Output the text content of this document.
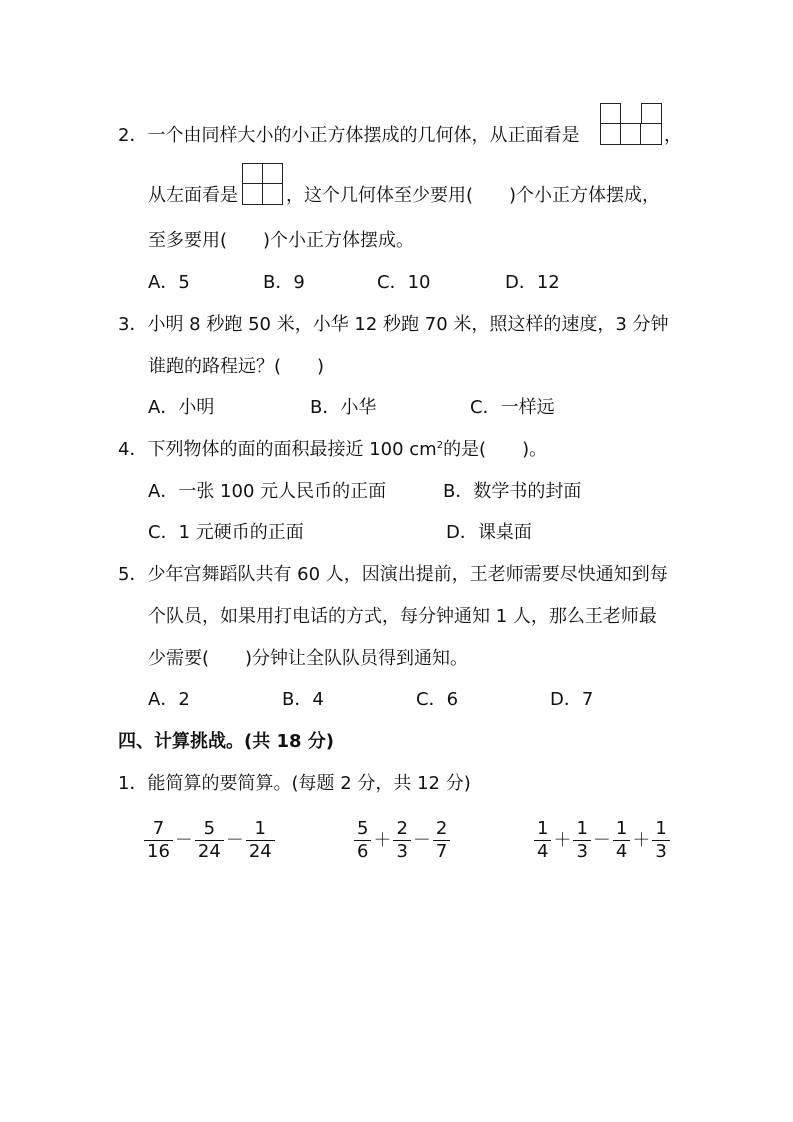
2．一个由同样大小的小正方体摆成的几何体，从正面看是	，
从左面看是	，这个几何体至少要用(　　)个小正方体摆成，
至多要用(　　)个小正方体摆成。
A．5	B．9	C．10	D．12
3．小明 8 秒跑 50 米，小华 12 秒跑 70 米，照这样的速度，3 分钟
谁跑的路程远？(　　)
A．小明	B．小华	C．一样远
4．下列物体的面的面积最接近 100 $cm^2$的是(　　)。
A．一张 100 元人民币的正面	B．数学书的封面
C．1 元硬币的正面	D．课桌面
5．少年宫舞蹈队共有 60 人，因演出提前，王老师需要尽快通知到每
个队员，如果用打电话的方式，每分钟通知 1 人，那么王老师最
少需要(　　)分钟让全队队员得到通知。
A．2	B．4	C．6	D．7
四、计算挑战。(共 18 分)
1．能简算的要简算。(每题 2 分，共 12 分)
$\frac{7}{16} - \frac{5}{24} - \frac{1}{24}$	$\frac{5}{6} + \frac{2}{3} - \frac{2}{7}$	$\frac{1}{4} + \frac{1}{3} - \frac{1}{4} + \frac{1}{3}$
